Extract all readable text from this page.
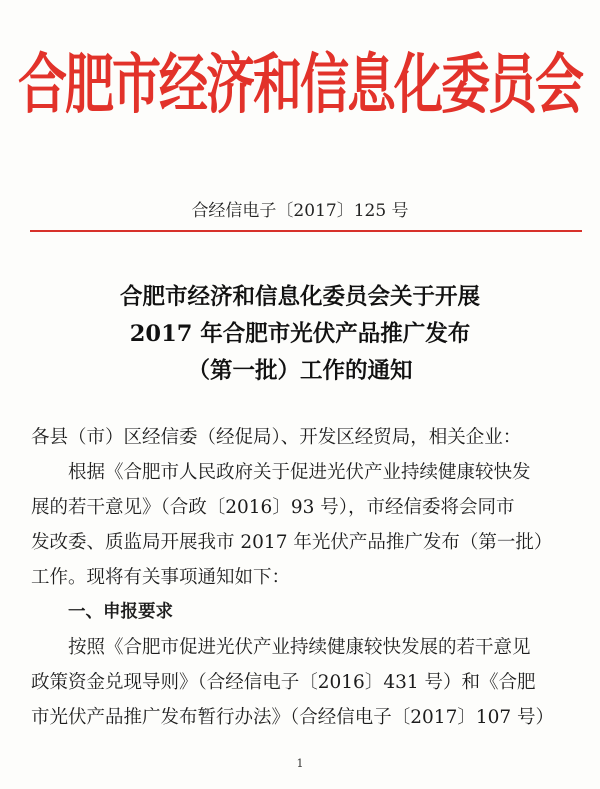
合肥市经济和信息化委员会
合经信电子〔2017〕125 号
合肥市经济和信息化委员会关于开展
2017 年合肥市光伏产品推广发布
（第一批）工作的通知
各县（市）区经信委（经促局）、开发区经贸局，相关企业：
根据《合肥市人民政府关于促进光伏产业持续健康较快发
展的若干意见》（合政〔2016〕93 号），市经信委将会同市
发改委、质监局开展我市 2017 年光伏产品推广发布（第一批）
工作。现将有关事项通知如下：
一、申报要求
按照《合肥市促进光伏产业持续健康较快发展的若干意见
政策资金兑现导则》（合经信电子〔2016〕431 号）和《合肥
市光伏产品推广发布暂行办法》（合经信电子〔2017〕107 号）
1
